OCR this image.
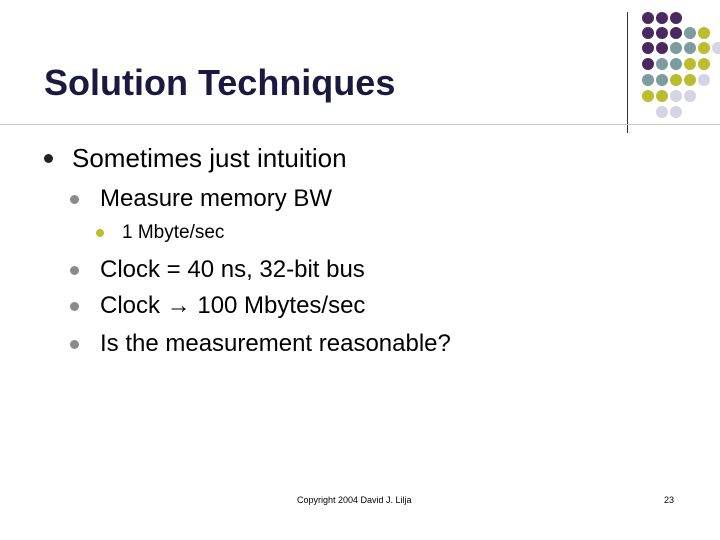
Solution Techniques
Sometimes just intuition
Measure memory BW
1 Mbyte/sec
Clock = 40 ns, 32-bit bus
Clock → 100 Mbytes/sec
Is the measurement reasonable?
Copyright 2004 David J. Lilja	23
